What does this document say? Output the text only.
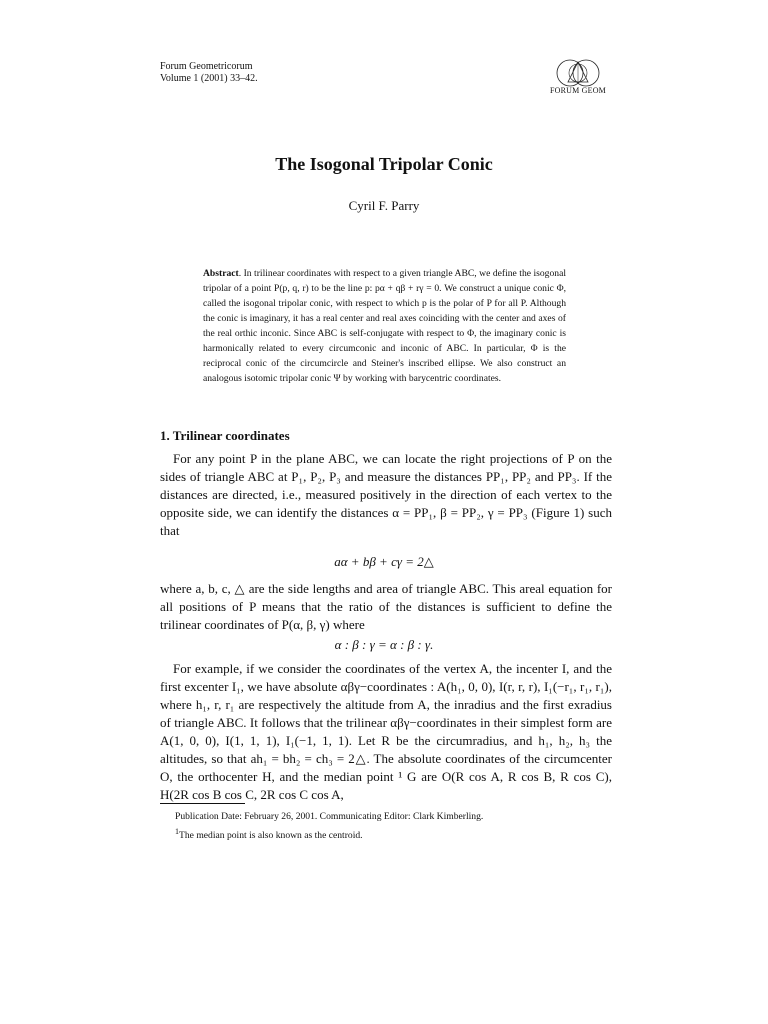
Forum Geometricorum
Volume 1 (2001) 33–42.
FORUM GEOM
The Isogonal Tripolar Conic
Cyril F. Parry
Abstract. In trilinear coordinates with respect to a given triangle ABC, we define the isogonal tripolar of a point P(p, q, r) to be the line p: pα + qβ + rγ = 0. We construct a unique conic Φ, called the isogonal tripolar conic, with respect to which p is the polar of P for all P. Although the conic is imaginary, it has a real center and real axes coinciding with the center and axes of the real orthic inconic. Since ABC is self-conjugate with respect to Φ, the imaginary conic is harmonically related to every circumconic and inconic of ABC. In particular, Φ is the reciprocal conic of the circumcircle and Steiner's inscribed ellipse. We also construct an analogous isotomic tripolar conic Ψ by working with barycentric coordinates.
1. Trilinear coordinates
For any point P in the plane ABC, we can locate the right projections of P on the sides of triangle ABC at P₁, P₂, P₃ and measure the distances PP₁, PP₂ and PP₃. If the distances are directed, i.e., measured positively in the direction of each vertex to the opposite side, we can identify the distances α = PP₁, β = PP₂, γ = PP₃ (Figure 1) such that
aα + bβ + cγ = 2△
where a, b, c, △ are the side lengths and area of triangle ABC. This areal equation for all positions of P means that the ratio of the distances is sufficient to define the trilinear coordinates of P(α, β, γ) where
α : β : γ = α : β : γ.
For example, if we consider the coordinates of the vertex A, the incenter I, and the first excenter I₁, we have absolute αβγ−coordinates : A(h₁, 0, 0), I(r, r, r), I₁(−r₁, r₁, r₁), where h₁, r, r₁ are respectively the altitude from A, the inradius and the first exradius of triangle ABC. It follows that the trilinear αβγ−coordinates in their simplest form are A(1, 0, 0), I(1, 1, 1), I₁(−1, 1, 1). Let R be the circumradius, and h₁, h₂, h₃ the altitudes, so that ah₁ = bh₂ = ch₃ = 2△. The absolute coordinates of the circumcenter O, the orthocenter H, and the median point ¹ G are O(R cos A, R cos B, R cos C), H(2R cos B cos C, 2R cos C cos A,
Publication Date: February 26, 2001. Communicating Editor: Clark Kimberling.
$^1$The median point is also known as the centroid.
